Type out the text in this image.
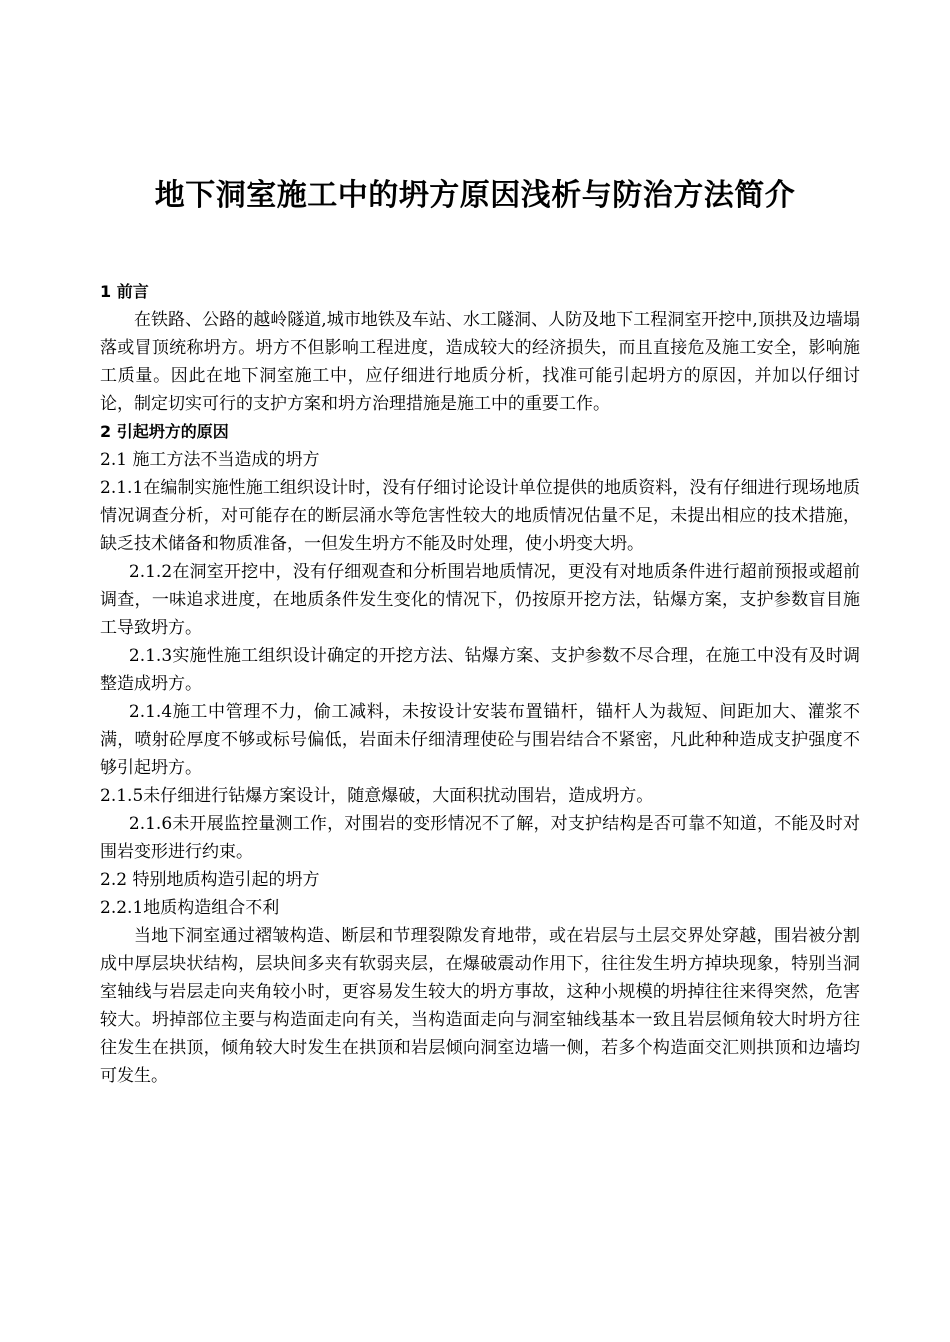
地下洞室施工中的坍方原因浅析与防治方法简介

1 前言

在铁路、公路的越岭隧道,城市地铁及车站、水工隧洞、人防及地下工程洞室开挖中,顶拱及边墙塌落或冒顶统称坍方。坍方不但影响工程进度，造成较大的经济损失，而且直接危及施工安全，影响施工质量。因此在地下洞室施工中，应仔细进行地质分析，找准可能引起坍方的原因，并加以仔细讨论，制定切实可行的支护方案和坍方治理措施是施工中的重要工作。

2 引起坍方的原因

2.1 施工方法不当造成的坍方

2.1.1在编制实施性施工组织设计时，没有仔细讨论设计单位提供的地质资料，没有仔细进行现场地质情况调查分析，对可能存在的断层涌水等危害性较大的地质情况估量不足，未提出相应的技术措施，缺乏技术储备和物质准备，一但发生坍方不能及时处理，使小坍变大坍。

2.1.2在洞室开挖中，没有仔细观查和分析围岩地质情况，更没有对地质条件进行超前预报或超前调查，一味追求进度，在地质条件发生变化的情况下，仍按原开挖方法，钻爆方案，支护参数盲目施工导致坍方。

2.1.3实施性施工组织设计确定的开挖方法、钻爆方案、支护参数不尽合理，在施工中没有及时调整造成坍方。

2.1.4施工中管理不力，偷工减料，未按设计安装布置锚杆，锚杆人为裁短、间距加大、灌浆不满，喷射砼厚度不够或标号偏低，岩面未仔细清理使砼与围岩结合不紧密，凡此种种造成支护强度不够引起坍方。

2.1.5未仔细进行钻爆方案设计，随意爆破，大面积扰动围岩，造成坍方。

2.1.6未开展监控量测工作，对围岩的变形情况不了解，对支护结构是否可靠不知道，不能及时对围岩变形进行约束。

2.2 特别地质构造引起的坍方

2.2.1地质构造组合不利

当地下洞室通过褶皱构造、断层和节理裂隙发育地带，或在岩层与土层交界处穿越，围岩被分割成中厚层块状结构，层块间多夹有软弱夹层，在爆破震动作用下，往往发生坍方掉块现象，特别当洞室轴线与岩层走向夹角较小时，更容易发生较大的坍方事故，这种小规模的坍掉往往来得突然，危害较大。坍掉部位主要与构造面走向有关，当构造面走向与洞室轴线基本一致且岩层倾角较大时坍方往往发生在拱顶，倾角较大时发生在拱顶和岩层倾向洞室边墙一侧，若多个构造面交汇则拱顶和边墙均可发生。
